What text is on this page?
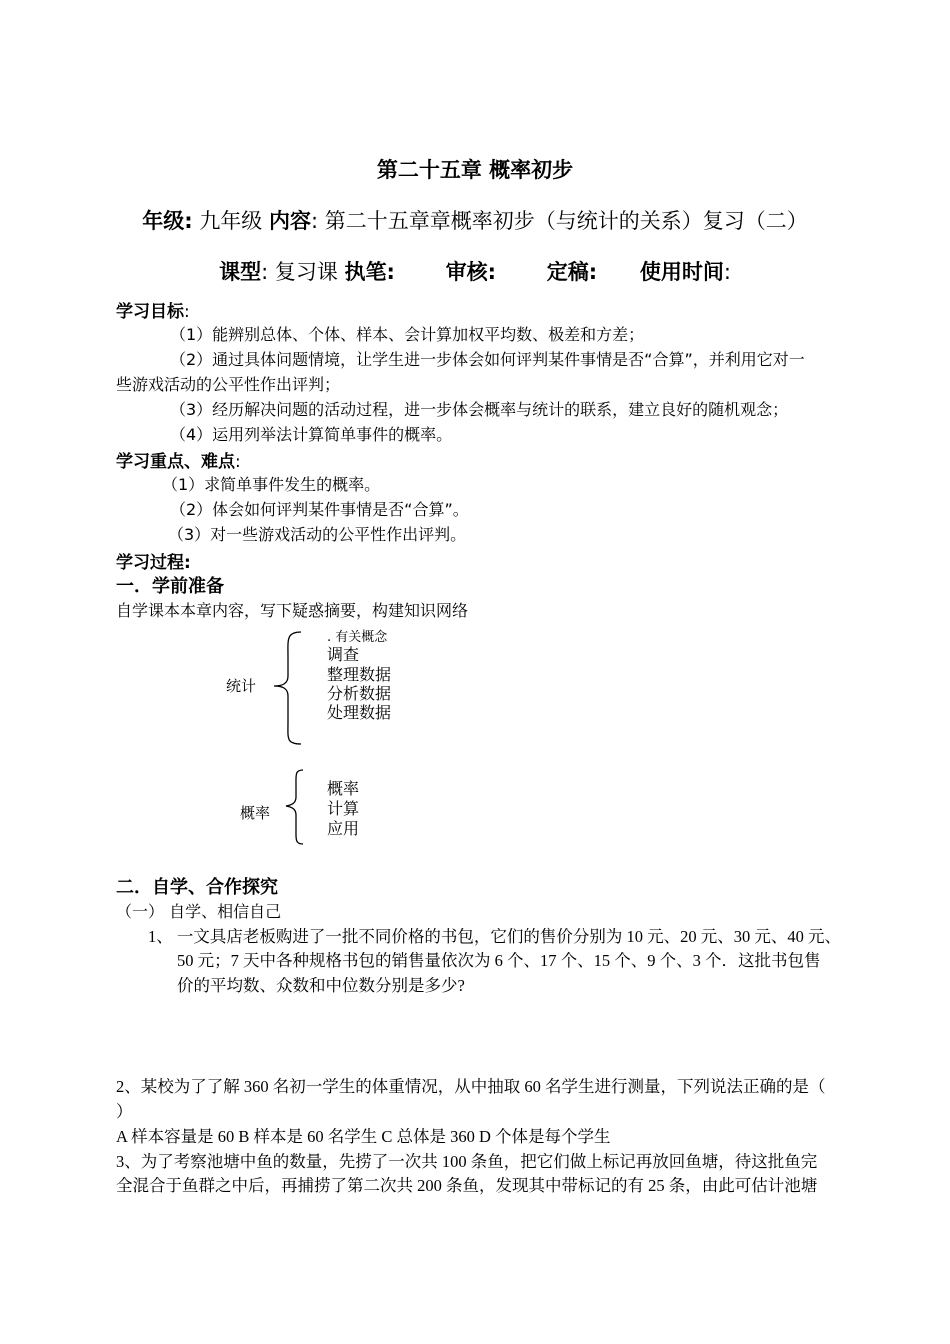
第二十五章 概率初步
年级: 九年级 内容: 第二十五章章概率初步（与统计的关系）复习（二）
课型: 复习课 执笔: 审核: 定稿: 使用时间:
学习目标:
（1）能辨别总体、个体、样本、会计算加权平均数、极差和方差；
（2）通过具体问题情境，让学生进一步体会如何评判某件事情是否“合算”，并利用它对一
些游戏活动的公平性作出评判；
（3）经历解决问题的活动过程，进一步体会概率与统计的联系，建立良好的随机观念；
（4）运用列举法计算简单事件的概率。
学习重点、难点:
（1）求简单事件发生的概率。
（2）体会如何评判某件事情是否“合算”。
（3）对一些游戏活动的公平性作出评判。
学习过程:
一．学前准备
自学课本本章内容，写下疑惑摘要，构建知识网络
统计
. 有关概念
调查
整理数据
分析数据
处理数据
概率
概率
计算
应用
二．自学、合作探究
（一） 自学、相信自己
1、 一文具店老板购进了一批不同价格的书包，它们的售价分别为 10 元、20 元、30 元、40 元、
50 元；7 天中各种规格书包的销售量依次为 6 个、17 个、15 个、9 个、3 个．这批书包售
价的平均数、众数和中位数分别是多少?
2、某校为了了解 360 名初一学生的体重情况，从中抽取 60 名学生进行测量，下列说法正确的是（
）
A 样本容量是 60 B 样本是 60 名学生 C 总体是 360 D 个体是每个学生
3、为了考察池塘中鱼的数量，先捞了一次共 100 条鱼，把它们做上标记再放回鱼塘，待这批鱼完
全混合于鱼群之中后，再捕捞了第二次共 200 条鱼，发现其中带标记的有 25 条，由此可估计池塘
